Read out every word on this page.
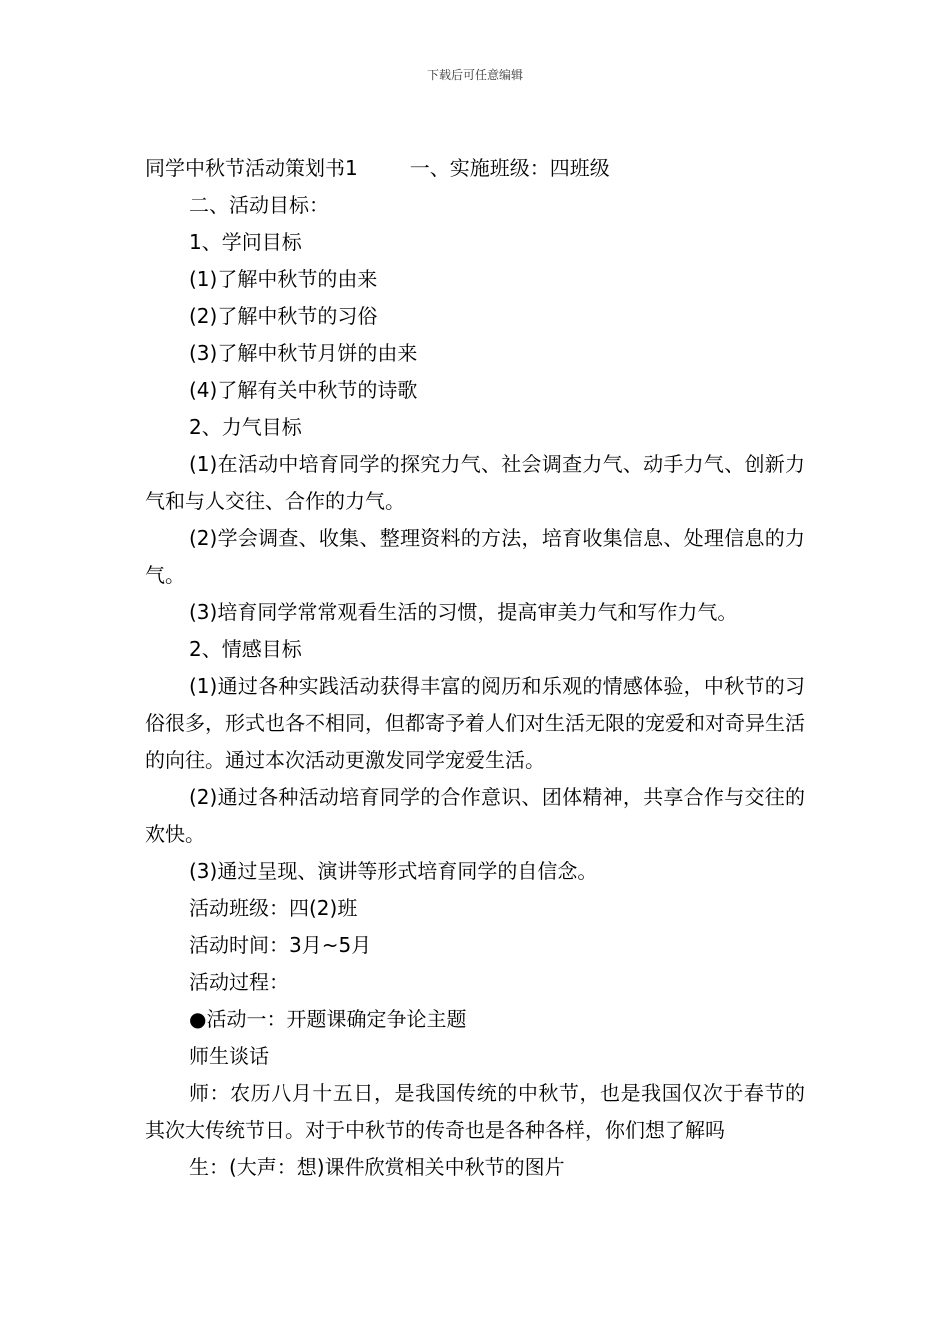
下载后可任意编辑

同学中秋节活动策划书1	一、实施班级：四班级

二、活动目标：

1、学问目标

(1)了解中秋节的由来

(2)了解中秋节的习俗

(3)了解中秋节月饼的由来

(4)了解有关中秋节的诗歌

2、力气目标

(1)在活动中培育同学的探究力气、社会调查力气、动手力气、创新力气和与人交往、合作的力气。

(2)学会调查、收集、整理资料的方法，培育收集信息、处理信息的力气。

(3)培育同学常常观看生活的习惯，提高审美力气和写作力气。

2、情感目标

(1)通过各种实践活动获得丰富的阅历和乐观的情感体验，中秋节的习俗很多，形式也各不相同，但都寄予着人们对生活无限的宠爱和对奇异生活的向往。通过本次活动更激发同学宠爱生活。

(2)通过各种活动培育同学的合作意识、团体精神，共享合作与交往的欢快。

(3)通过呈现、演讲等形式培育同学的自信念。

活动班级：四(2)班

活动时间：3月~5月

活动过程：

●活动一：开题课确定争论主题

师生谈话

师：农历八月十五日，是我国传统的中秋节，也是我国仅次于春节的其次大传统节日。对于中秋节的传奇也是各种各样，你们想了解吗

生：(大声：想)课件欣赏相关中秋节的图片
